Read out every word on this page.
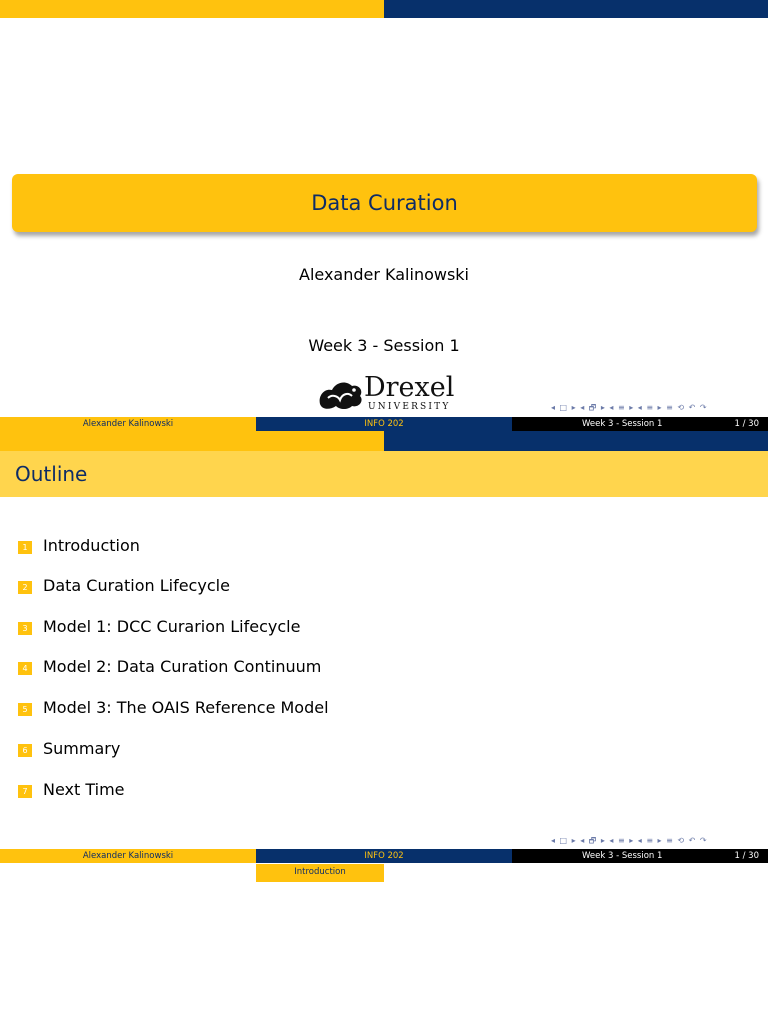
Data Curation
Alexander Kalinowski
Week 3 - Session 1
Drexel
UNIVERSITY	◂ □ ▸ ◂ 🗗 ▸ ◂ ≡ ▸ ◂ ≡ ▸ ≡ ⟲ ↶ ↷
Alexander Kalinowski	INFO 202	Week 3 - Session 1	1 / 30
Outline
1 Introduction
2 Data Curation Lifecycle
3 Model 1: DCC Curarion Lifecycle
4 Model 2: Data Curation Continuum
5 Model 3: The OAIS Reference Model
6 Summary
7 Next Time
◂ □ ▸ ◂ 🗗 ▸ ◂ ≡ ▸ ◂ ≡ ▸ ≡ ⟲ ↶ ↷
Alexander Kalinowski	INFO 202	Week 3 - Session 1	1 / 30
Introduction
